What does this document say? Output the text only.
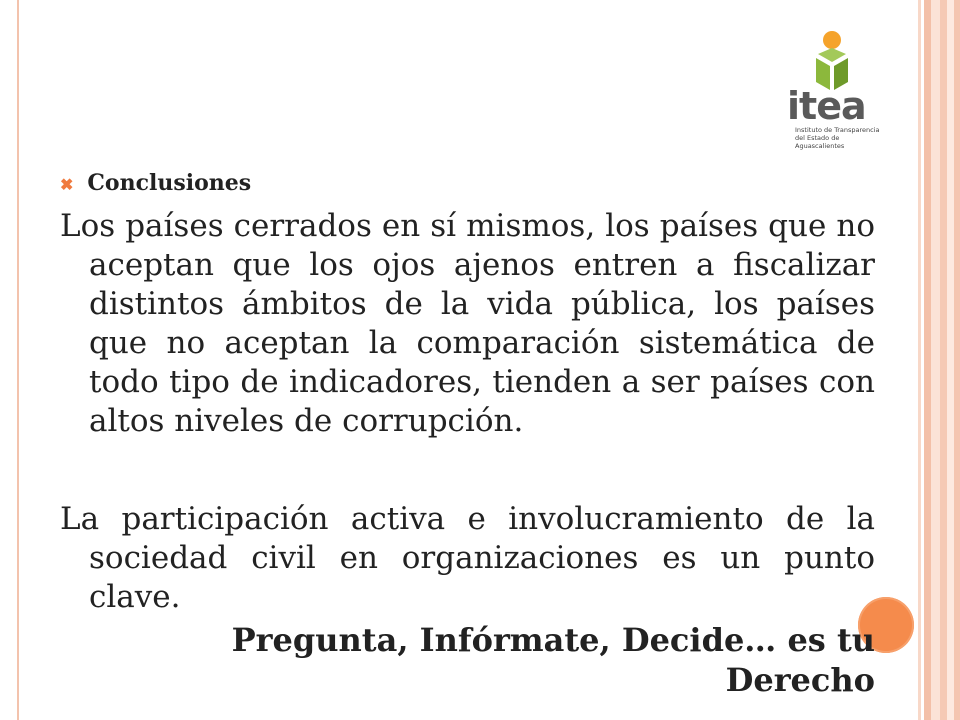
itea
Instituto de Transparencia
del Estado de Aguascalientes
✖ Conclusiones

Los países cerrados en sí mismos, los países que no aceptan que los ojos ajenos entren a fiscalizar distintos ámbitos de la vida pública, los países que no aceptan la comparación sistemática de todo tipo de indicadores, tienden a ser países con altos niveles de corrupción.

La participación activa e involucramiento de la sociedad civil en organizaciones es un punto clave.

Pregunta, Infórmate, Decide… es tu
Derecho
